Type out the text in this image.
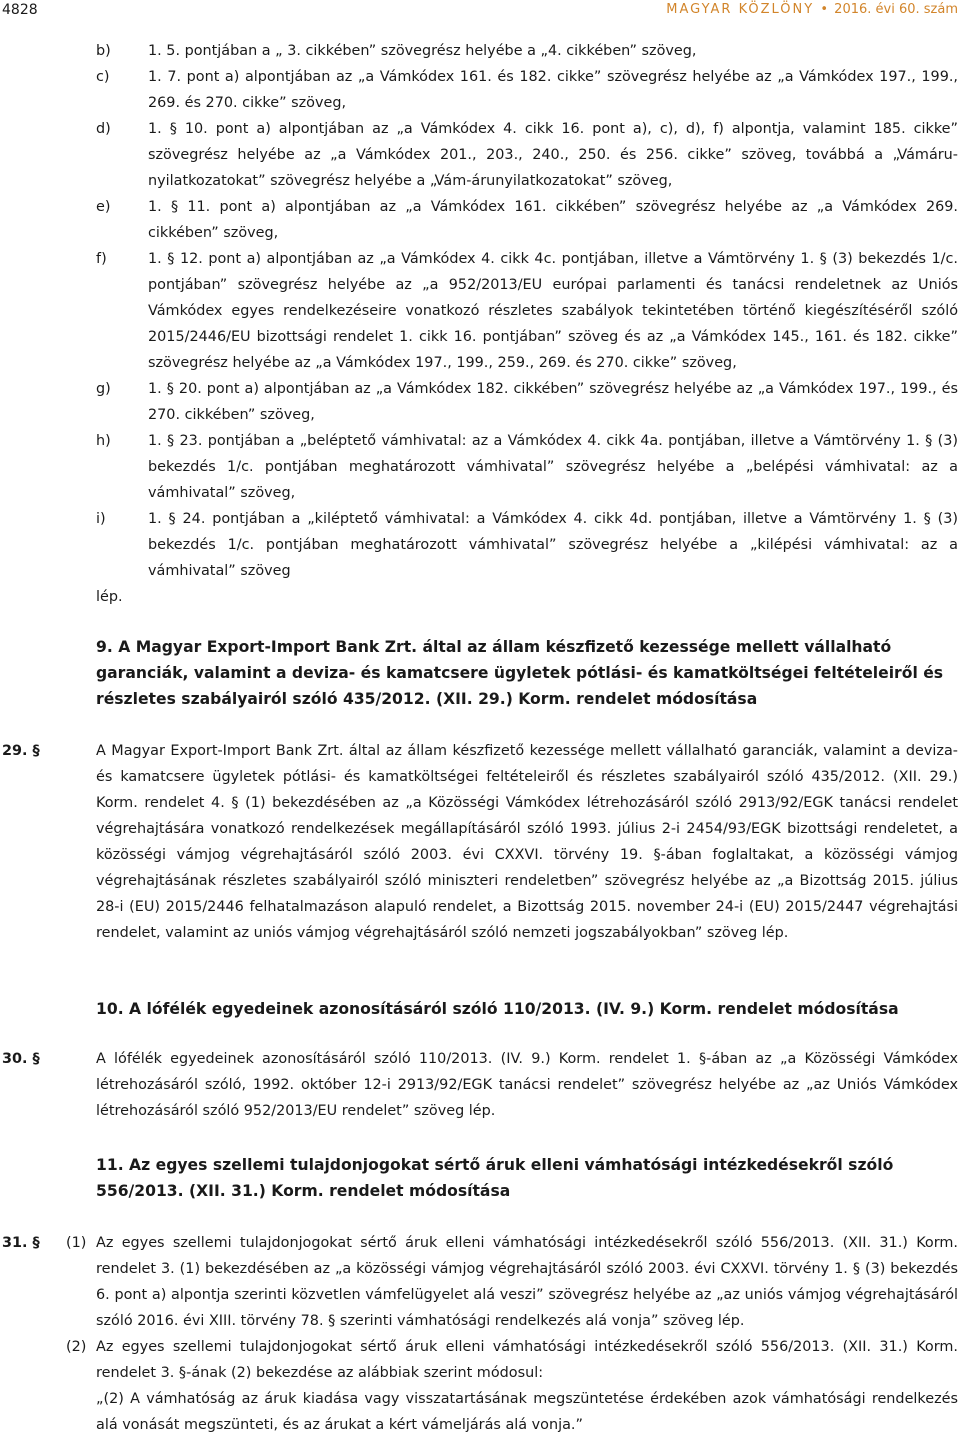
4828	MAGYAR KÖZLÖNY • 2016. évi 60. szám
b)	1. 5. pontjában a „ 3. cikkében” szövegrész helyébe a „4. cikkében” szöveg,
c)	1. 7. pont a) alpontjában az „a Vámkódex 161. és 182. cikke” szövegrész helyébe az „a Vámkódex 197., 199., 269. és 270. cikke” szöveg,
d)	1. § 10. pont a) alpontjában az „a Vámkódex 4. cikk 16. pont a), c), d), f) alpontja, valamint 185. cikke” szövegrész helyébe az „a Vámkódex 201., 203., 240., 250. és 256. cikke” szöveg, továbbá a „Vámáru-nyilatkozatokat” szövegrész helyébe a „Vám-árunyilatkozatokat” szöveg,
e)	1. § 11. pont a) alpontjában az „a Vámkódex 161. cikkében” szövegrész helyébe az „a Vámkódex 269. cikkében” szöveg,
f)	1. § 12. pont a) alpontjában az „a Vámkódex 4. cikk 4c. pontjában, illetve a Vámtörvény 1. § (3) bekezdés 1/c. pontjában” szövegrész helyébe az „a 952/2013/EU európai parlamenti és tanácsi rendeletnek az Uniós Vámkódex egyes rendelkezéseire vonatkozó részletes szabályok tekintetében történő kiegészítéséről szóló 2015/2446/EU bizottsági rendelet 1. cikk 16. pontjában” szöveg és az „a Vámkódex 145., 161. és 182. cikke” szövegrész helyébe az „a Vámkódex 197., 199., 259., 269. és 270. cikke” szöveg,
g)	1. § 20. pont a) alpontjában az „a Vámkódex 182. cikkében” szövegrész helyébe az „a Vámkódex 197., 199., és 270. cikkében” szöveg,
h)	1. § 23. pontjában a „beléptető vámhivatal: az a Vámkódex 4. cikk 4a. pontjában, illetve a Vámtörvény 1. § (3) bekezdés 1/c. pontjában meghatározott vámhivatal” szövegrész helyébe a „belépési vámhivatal: az a vámhivatal” szöveg,
i)	1. § 24. pontjában a „kiléptető vámhivatal: a Vámkódex 4. cikk 4d. pontjában, illetve a Vámtörvény 1. § (3) bekezdés 1/c. pontjában meghatározott vámhivatal” szövegrész helyébe a „kilépési vámhivatal: az a vámhivatal” szöveg
lép.
9. A Magyar Export-Import Bank Zrt. által az állam készfizető kezessége mellett vállalható garanciák, valamint a deviza- és kamatcsere ügyletek pótlási- és kamatköltségei feltételeiről és részletes szabályairól szóló 435/2012. (XII. 29.) Korm. rendelet módosítása
29. §	A Magyar Export-Import Bank Zrt. által az állam készfizető kezessége mellett vállalható garanciák, valamint a deviza- és kamatcsere ügyletek pótlási- és kamatköltségei feltételeiről és részletes szabályairól szóló 435/2012. (XII. 29.) Korm. rendelet 4. § (1) bekezdésében az „a Közösségi Vámkódex létrehozásáról szóló 2913/92/EGK tanácsi rendelet végrehajtására vonatkozó rendelkezések megállapításáról szóló 1993. július 2-i 2454/93/EGK bizottsági rendeletet, a közösségi vámjog végrehajtásáról szóló 2003. évi CXXVI. törvény 19. §-ában foglaltakat, a közösségi vámjog végrehajtásának részletes szabályairól szóló miniszteri rendeletben” szövegrész helyébe az „a Bizottság 2015. július 28-i (EU) 2015/2446 felhatalmazáson alapuló rendelet, a Bizottság 2015. november 24-i (EU) 2015/2447 végrehajtási rendelet, valamint az uniós vámjog végrehajtásáról szóló nemzeti jogszabályokban” szöveg lép.
10. A lófélék egyedeinek azonosításáról szóló 110/2013. (IV. 9.) Korm. rendelet módosítása
30. §	A lófélék egyedeinek azonosításáról szóló 110/2013. (IV. 9.) Korm. rendelet 1. §-ában az „a Közösségi Vámkódex létrehozásáról szóló, 1992. október 12-i 2913/92/EGK tanácsi rendelet” szövegrész helyébe az „az Uniós Vámkódex létrehozásáról szóló 952/2013/EU rendelet” szöveg lép.
11. Az egyes szellemi tulajdonjogokat sértő áruk elleni vámhatósági intézkedésekről szóló 556/2013. (XII. 31.) Korm. rendelet módosítása
31. § (1) Az egyes szellemi tulajdonjogokat sértő áruk elleni vámhatósági intézkedésekről szóló 556/2013. (XII. 31.) Korm. rendelet 3. (1) bekezdésében az „a közösségi vámjog végrehajtásáról szóló 2003. évi CXXVI. törvény 1. § (3) bekezdés 6. pont a) alpontja szerinti közvetlen vámfelügyelet alá veszi” szövegrész helyébe az „az uniós vámjog végrehajtásáról szóló 2016. évi XIII. törvény 78. § szerinti vámhatósági rendelkezés alá vonja” szöveg lép.
(2) Az egyes szellemi tulajdonjogokat sértő áruk elleni vámhatósági intézkedésekről szóló 556/2013. (XII. 31.) Korm. rendelet 3. §-ának (2) bekezdése az alábbiak szerint módosul:

„(2) A vámhatóság az áruk kiadása vagy visszatartásának megszüntetése érdekében azok vámhatósági rendelkezés alá vonását megszünteti, és az árukat a kért vámeljárás alá vonja.”
